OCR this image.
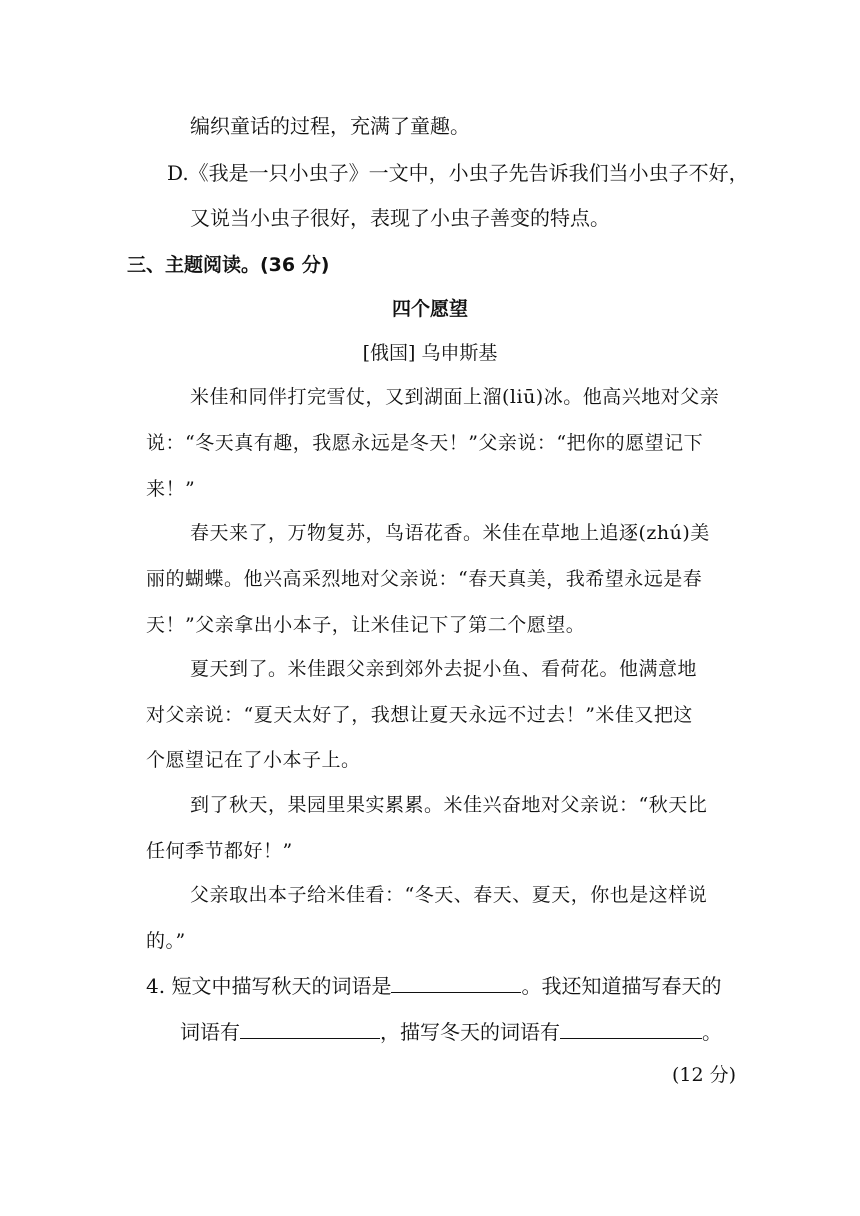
编织童话的过程，充满了童趣。
D.《我是一只小虫子》一文中，小虫子先告诉我们当小虫子不好，
又说当小虫子很好，表现了小虫子善变的特点。
三、主题阅读。(36 分)
四个愿望
[俄国] 乌申斯基
米佳和同伴打完雪仗，又到湖面上溜(liū)冰。他高兴地对父亲
说：“冬天真有趣，我愿永远是冬天！”父亲说：“把你的愿望记下
来！”
春天来了，万物复苏，鸟语花香。米佳在草地上追逐(zhú)美
丽的蝴蝶。他兴高采烈地对父亲说：“春天真美，我希望永远是春
天！”父亲拿出小本子，让米佳记下了第二个愿望。
夏天到了。米佳跟父亲到郊外去捉小鱼、看荷花。他满意地
对父亲说：“夏天太好了，我想让夏天永远不过去！”米佳又把这
个愿望记在了小本子上。
到了秋天，果园里果实累累。米佳兴奋地对父亲说：“秋天比
任何季节都好！”
父亲取出本子给米佳看：“冬天、春天、夏天，你也是这样说
的。”
4. 短文中描写秋天的词语是	。我还知道描写春天的
词语有	，描写冬天的词语有	。
(12 分)
